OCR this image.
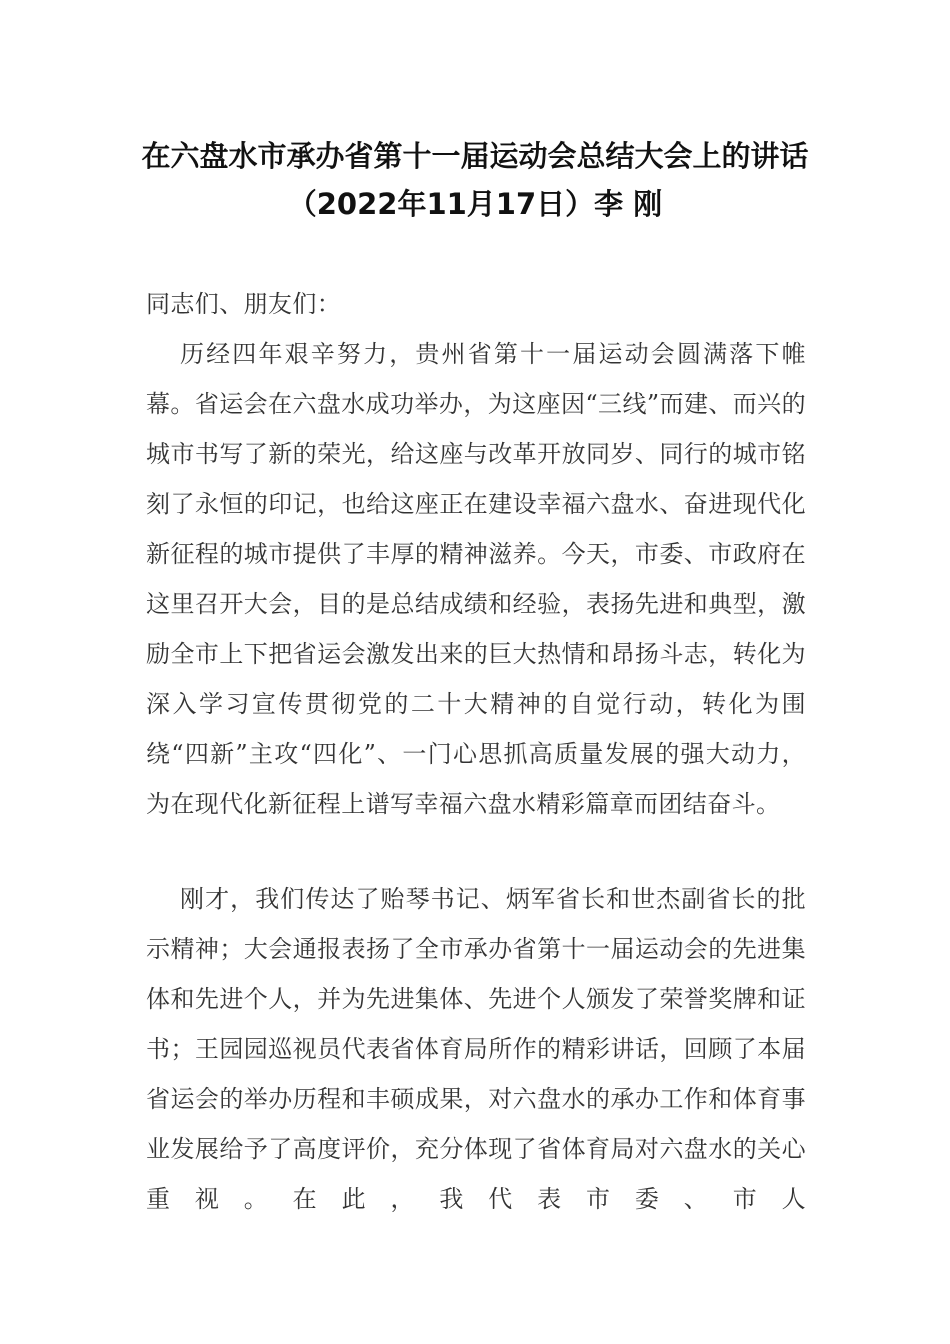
在六盘水市承办省第十一届运动会总结大会上的讲话
（2022年11月17日）李 刚
同志们、朋友们：
历经四年艰辛努力，贵州省第十一届运动会圆满落下帷幕。省运会在六盘水成功举办，为这座因“三线”而建、而兴的城市书写了新的荣光，给这座与改革开放同岁、同行的城市铭刻了永恒的印记，也给这座正在建设幸福六盘水、奋进现代化新征程的城市提供了丰厚的精神滋养。今天，市委、市政府在这里召开大会，目的是总结成绩和经验，表扬先进和典型，激励全市上下把省运会激发出来的巨大热情和昂扬斗志，转化为深入学习宣传贯彻党的二十大精神的自觉行动，转化为围绕“四新”主攻“四化”、一门心思抓高质量发展的强大动力，为在现代化新征程上谱写幸福六盘水精彩篇章而团结奋斗。
刚才，我们传达了贻琴书记、炳军省长和世杰副省长的批示精神；大会通报表扬了全市承办省第十一届运动会的先进集体和先进个人，并为先进集体、先进个人颁发了荣誉奖牌和证书；王园园巡视员代表省体育局所作的精彩讲话，回顾了本届省运会的举办历程和丰硕成果，对六盘水的承办工作和体育事业发展给予了高度评价，充分体现了省体育局对六盘水的关心重视。在此，我代表市委、市人
